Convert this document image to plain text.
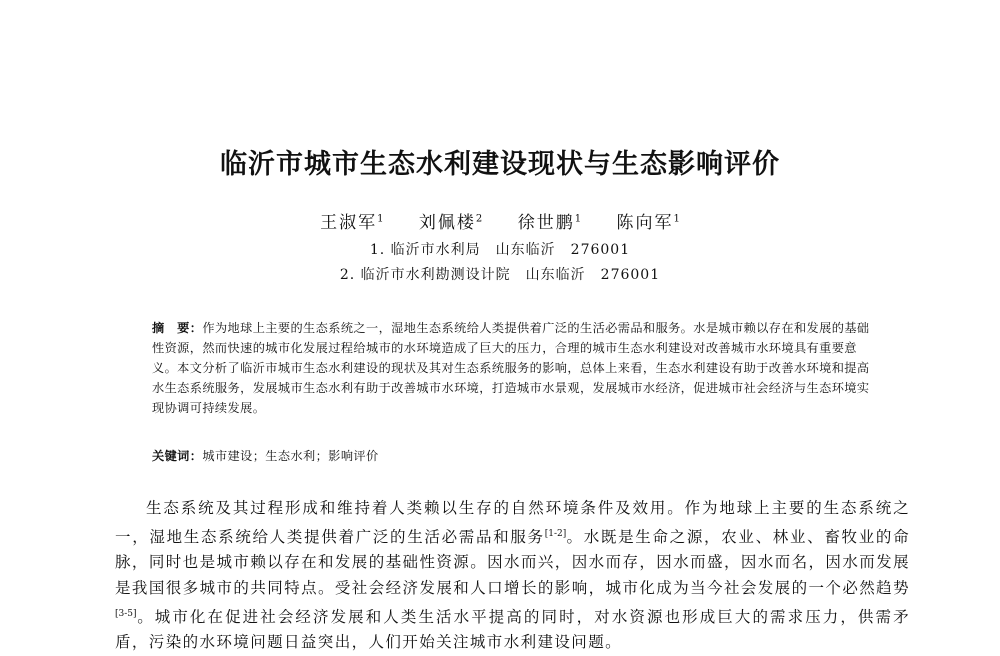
临沂市城市生态水利建设现状与生态影响评价
王淑军$^1$ 刘佩楼$^2$ 徐世鹏$^1$ 陈向军$^1$
1. 临沂市水利局　山东临沂　276001
2. 临沂市水利勘测设计院　山东临沂　276001
摘　要：作为地球上主要的生态系统之一，湿地生态系统给人类提供着广泛的生活必需品和服务。水是城市赖以存在和发展的基础性资源，然而快速的城市化发展过程给城市的水环境造成了巨大的压力，合理的城市生态水利建设对改善城市水环境具有重要意义。本文分析了临沂市城市生态水利建设的现状及其对生态系统服务的影响，总体上来看，生态水利建设有助于改善水环境和提高水生态系统服务，发展城市生态水利有助于改善城市水环境，打造城市水景观，发展城市水经济，促进城市社会经济与生态环境实现协调可持续发展。
关键词：城市建设；生态水利；影响评价
生态系统及其过程形成和维持着人类赖以生存的自然环境条件及效用。作为地球上主要的生态系统之一，湿地生态系统给人类提供着广泛的生活必需品和服务[1-2]。水既是生命之源，农业、林业、畜牧业的命脉，同时也是城市赖以存在和发展的基础性资源。因水而兴，因水而存，因水而盛，因水而名，因水而发展是我国很多城市的共同特点。受社会经济发展和人口增长的影响，城市化成为当今社会发展的一个必然趋势[3-5]。城市化在促进社会经济发展和人类生活水平提高的同时，对水资源也形成巨大的需求压力，供需矛盾，污染的水环境问题日益突出，人们开始关注城市水利建设问题。
